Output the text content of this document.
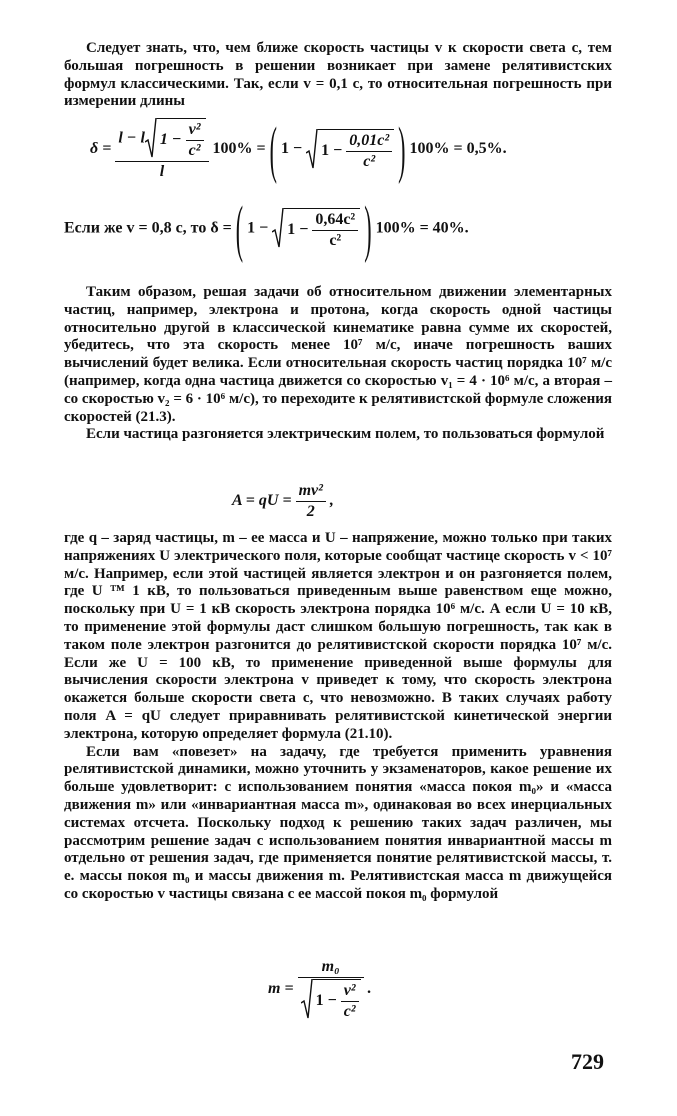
Следует знать, что, чем ближе скорость частицы v к скорости света c, тем большая погрешность в решении возникает при замене релятивистских формул классическими. Так, если v = 0,1 c, то относительная погрешность при измерении длины

$\delta = \frac{l - l 1 - \frac{\text{v²}}{\text{c²}}}{l} 100\%$ = ( $1 - 1 - \frac{\text{0,01c²}}{\text{c²}}$ ) 100% = 0,5%.
Если же v = 0,8 c, то δ = ( $1 - 1 - \frac{\text{0,64c²}}{\text{c²}}$ ) 100% = 40%.

Таким образом, решая задачи об относительном движении элементарных частиц, например, электрона и протона, когда скорость одной частицы относительно другой в классической кинематике равна сумме их скоростей, убедитесь, что эта скорость менее 10⁷ м/с, иначе погрешность ваших вычислений будет велика. Если относительная скорость частиц порядка 10⁷ м/с (например, когда одна частица движется со скоростью v₁ = 4 · 10⁶ м/с, а вторая – со скоростью v₂ = 6 · 10⁶ м/с), то переходите к релятивистской формуле сложения скоростей (21.3).

Если частица разгоняется электрическим полем, то пользоваться формулой

A = qU = $\frac{\text{mv²}}{2}$ ,

где q – заряд частицы, m – ее масса и U – напряжение, можно только при таких напряжениях U электрического поля, которые сообщат частице скорость v < 10⁷ м/с. Например, если этой частицей является электрон и он разгоняется полем, где U ™ 1 кВ, то пользоваться приведенным выше равенством еще можно, поскольку при U = 1 кВ скорость электрона порядка 10⁶ м/с. А если U = 10 кВ, то применение этой формулы даст слишком большую погрешность, так как в таком поле электрон разгонится до релятивистской скорости порядка 10⁷ м/с. Если же U = 100 кВ, то применение приведенной выше формулы для вычисления скорости электрона v приведет к тому, что скорость электрона окажется больше скорости света c, что невозможно. В таких случаях работу поля A = qU следует приравнивать релятивистской кинетической энергии электрона, которую определяет формула (21.10).

Если вам «повезет» на задачу, где требуется применить уравнения релятивистской динамики, можно уточнить у экзаменаторов, какое решение их больше удовлетворит: с использованием понятия «масса покоя m₀» и «масса движения m» или «инвариантная масса m», одинаковая во всех инерциальных системах отсчета. Поскольку подход к решению таких задач различен, мы рассмотрим решение задач с использованием понятия инвариантной массы m отдельно от решения задач, где применяется понятие релятивистской массы, т. е. массы покоя m₀ и массы движения m. Релятивистская масса m движущейся со скоростью v частицы связана с ее массой покоя m₀ формулой

$m = \frac{\text{m₀}}{1 - \frac{\text{v²}}{\text{c²}}}$ .
729
